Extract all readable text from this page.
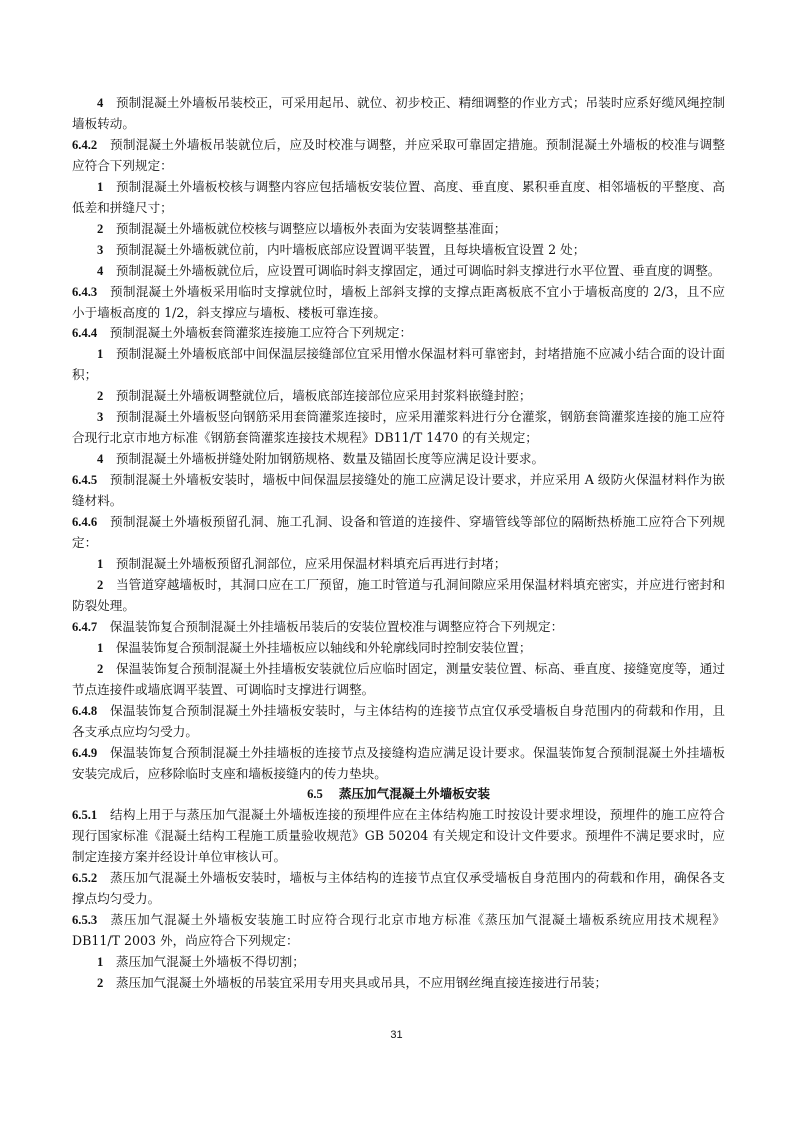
4  预制混凝土外墙板吊装校正，可采用起吊、就位、初步校正、精细调整的作业方式；吊装时应系好缆风绳控制墙板转动。

6.4.2  预制混凝土外墙板吊装就位后，应及时校准与调整，并应采取可靠固定措施。预制混凝土外墙板的校准与调整应符合下列规定：

1  预制混凝土外墙板校核与调整内容应包括墙板安装位置、高度、垂直度、累积垂直度、相邻墙板的平整度、高低差和拼缝尺寸；

2  预制混凝土外墙板就位校核与调整应以墙板外表面为安装调整基准面；

3  预制混凝土外墙板就位前，内叶墙板底部应设置调平装置，且每块墙板宜设置 2 处；

4  预制混凝土外墙板就位后，应设置可调临时斜支撑固定，通过可调临时斜支撑进行水平位置、垂直度的调整。

6.4.3  预制混凝土外墙板采用临时支撑就位时，墙板上部斜支撑的支撑点距离板底不宜小于墙板高度的 2/3，且不应小于墙板高度的 1/2，斜支撑应与墙板、楼板可靠连接。

6.4.4  预制混凝土外墙板套筒灌浆连接施工应符合下列规定：

1  预制混凝土外墙板底部中间保温层接缝部位宜采用憎水保温材料可靠密封，封堵措施不应减小结合面的设计面积；

2  预制混凝土外墙板调整就位后，墙板底部连接部位应采用封浆料嵌缝封腔；

3  预制混凝土外墙板竖向钢筋采用套筒灌浆连接时，应采用灌浆料进行分仓灌浆，钢筋套筒灌浆连接的施工应符合现行北京市地方标准《钢筋套筒灌浆连接技术规程》DB11/T 1470 的有关规定；

4  预制混凝土外墙板拼缝处附加钢筋规格、数量及锚固长度等应满足设计要求。

6.4.5  预制混凝土外墙板安装时，墙板中间保温层接缝处的施工应满足设计要求，并应采用 A 级防火保温材料作为嵌缝材料。

6.4.6  预制混凝土外墙板预留孔洞、施工孔洞、设备和管道的连接件、穿墙管线等部位的隔断热桥施工应符合下列规定：

1  预制混凝土外墙板预留孔洞部位，应采用保温材料填充后再进行封堵；

2  当管道穿越墙板时，其洞口应在工厂预留，施工时管道与孔洞间隙应采用保温材料填充密实，并应进行密封和防裂处理。

6.4.7  保温装饰复合预制混凝土外挂墙板吊装后的安装位置校准与调整应符合下列规定：

1  保温装饰复合预制混凝土外挂墙板应以轴线和外轮廓线同时控制安装位置；

2  保温装饰复合预制混凝土外挂墙板安装就位后应临时固定，测量安装位置、标高、垂直度、接缝宽度等，通过节点连接件或墙底调平装置、可调临时支撑进行调整。

6.4.8  保温装饰复合预制混凝土外挂墙板安装时，与主体结构的连接节点宜仅承受墙板自身范围内的荷载和作用，且各支承点应均匀受力。

6.4.9  保温装饰复合预制混凝土外挂墙板的连接节点及接缝构造应满足设计要求。保温装饰复合预制混凝土外挂墙板安装完成后，应移除临时支座和墙板接缝内的传力垫块。

6.5 蒸压加气混凝土外墙板安装

6.5.1  结构上用于与蒸压加气混凝土外墙板连接的预埋件应在主体结构施工时按设计要求埋设，预埋件的施工应符合现行国家标准《混凝土结构工程施工质量验收规范》GB 50204 有关规定和设计文件要求。预埋件不满足要求时，应制定连接方案并经设计单位审核认可。

6.5.2  蒸压加气混凝土外墙板安装时，墙板与主体结构的连接节点宜仅承受墙板自身范围内的荷载和作用，确保各支撑点均匀受力。

6.5.3  蒸压加气混凝土外墙板安装施工时应符合现行北京市地方标准《蒸压加气混凝土墙板系统应用技术规程》DB11/T 2003 外，尚应符合下列规定：

1  蒸压加气混凝土外墙板不得切割；

2  蒸压加气混凝土外墙板的吊装宜采用专用夹具或吊具，不应用钢丝绳直接连接进行吊装；

31
